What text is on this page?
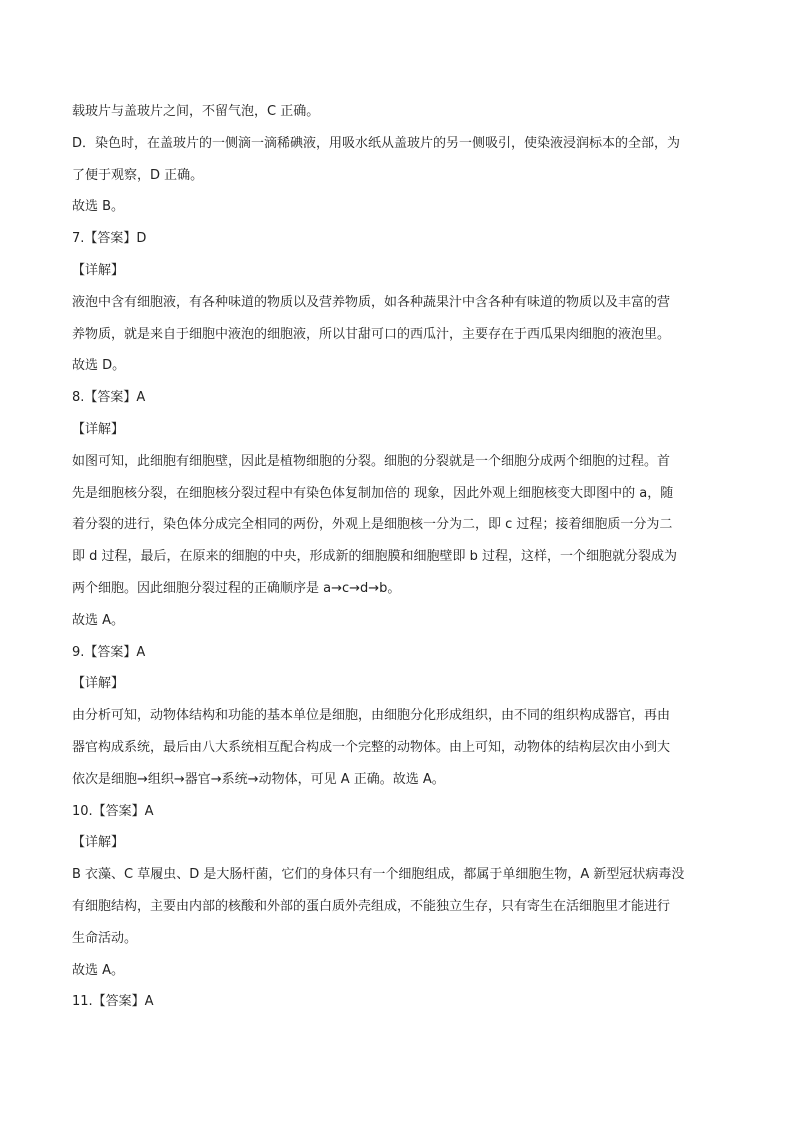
载玻片与盖玻片之间，不留气泡，C 正确。

D．染色时，在盖玻片的一侧滴一滴稀碘液，用吸水纸从盖玻片的另一侧吸引，使染液浸润标本的全部，为
了便于观察，D 正确。

故选 B。

7.【答案】D

【详解】

液泡中含有细胞液，有各种味道的物质以及营养物质，如各种蔬果汁中含各种有味道的物质以及丰富的营
养物质，就是来自于细胞中液泡的细胞液，所以甘甜可口的西瓜汁，主要存在于西瓜果肉细胞的液泡里。

故选 D。

8.【答案】A

【详解】

如图可知，此细胞有细胞壁，因此是植物细胞的分裂。细胞的分裂就是一个细胞分成两个细胞的过程。首
先是细胞核分裂，在细胞核分裂过程中有染色体复制加倍的 现象，因此外观上细胞核变大即图中的 a，随
着分裂的进行，染色体分成完全相同的两份，外观上是细胞核一分为二，即 c 过程；接着细胞质一分为二
即 d 过程，最后，在原来的细胞的中央，形成新的细胞膜和细胞壁即 b 过程，这样，一个细胞就分裂成为
两个细胞。因此细胞分裂过程的正确顺序是 a→c→d→b。

故选 A。

9.【答案】A

【详解】

由分析可知，动物体结构和功能的基本单位是细胞，由细胞分化形成组织，由不同的组织构成器官，再由
器官构成系统，最后由八大系统相互配合构成一个完整的动物体。由上可知，动物体的结构层次由小到大
依次是细胞→组织→器官→系统→动物体，可见 A 正确。故选 A。

10.【答案】A

【详解】

B 衣藻、C 草履虫、D 是大肠杆菌，它们的身体只有一个细胞组成，都属于单细胞生物，A 新型冠状病毒没
有细胞结构，主要由内部的核酸和外部的蛋白质外壳组成，不能独立生存，只有寄生在活细胞里才能进行
生命活动。

故选 A。

11.【答案】A
